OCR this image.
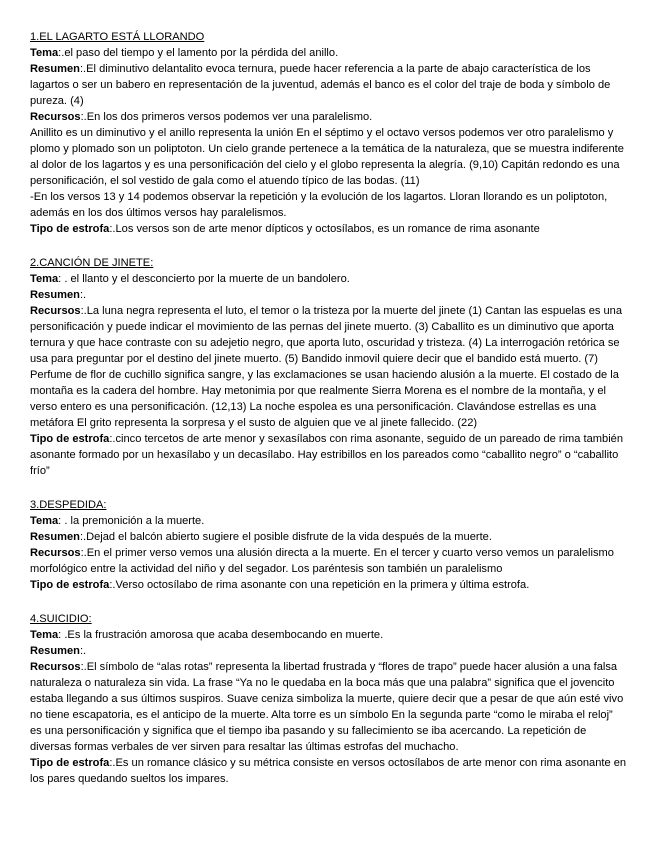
1.EL LAGARTO ESTÁ LLORANDO

Tema:.el paso del tiempo y el lamento por la pérdida del anillo.

Resumen:.El diminutivo delantalito evoca ternura, puede hacer referencia a la parte de abajo característica de los lagartos o ser un babero en representación de la juventud, además el banco es el color del traje de boda y símbolo de pureza. (4)

Recursos:.En los dos primeros versos podemos ver una paralelismo.

Anillito es un diminutivo y el anillo representa la unión En el séptimo y el octavo versos podemos ver otro paralelismo y plomo y plomado son un poliptoton. Un cielo grande pertenece a la temática de la naturaleza, que se muestra indiferente al dolor de los lagartos y es una personificación del cielo y el globo representa la alegría. (9,10) Capitán redondo es una personificación, el sol vestido de gala como el atuendo típico de las bodas. (11)

-En los versos 13 y 14 podemos observar la repetición y la evolución de los lagartos. Lloran llorando es un poliptoton, además en los dos últimos versos hay paralelismos.

Tipo de estrofa:.Los versos son de arte menor dípticos y octosílabos, es un romance de rima asonante

2.CANCIÓN DE JINETE:

Tema: . el llanto y el desconcierto por la muerte de un bandolero.

Resumen:.

Recursos:.La luna negra representa el luto, el temor o la tristeza por la muerte del jinete (1) Cantan las espuelas es una personificación y puede indicar el movimiento de las pernas del jinete muerto. (3) Caballito es un diminutivo que aporta ternura y que hace contraste con su adejetio negro, que aporta luto, oscuridad y tristeza. (4) La interrogación retórica se usa para preguntar por el destino del jinete muerto. (5) Bandido inmovil quiere decir que el bandido está muerto. (7) Perfume de flor de cuchillo significa sangre, y las exclamaciones se usan haciendo alusión a la muerte. El costado de la montaña es la cadera del hombre. Hay metonimia por que realmente Sierra Morena es el nombre de la montaña, y el verso entero es una personificación. (12,13) La noche espolea es una personificación. Clavándose estrellas es una metáfora El grito representa la sorpresa y el susto de alguien que ve al jinete fallecido. (22)

Tipo de estrofa:.cinco tercetos de arte menor y sexasílabos con rima asonante, seguido de un pareado de rima también asonante formado por un hexasílabo y un decasílabo. Hay estribillos en los pareados como “caballito negro” o “caballito frío”

3.DESPEDIDA:

Tema: . la premonición a la muerte.

Resumen:.Dejad el balcón abierto sugiere el posible disfrute de la vida después de la muerte.

Recursos:.En el primer verso vemos una alusión directa a la muerte. En el tercer y cuarto verso vemos un paralelismo morfológico entre la actividad del niño y del segador. Los paréntesis son también un paralelismo

Tipo de estrofa:.Verso octosílabo de rima asonante con una repetición en la primera y última estrofa.

4.SUICIDIO:

Tema: .Es la frustración amorosa que acaba desembocando en muerte.

Resumen:.

Recursos:.El símbolo de “alas rotas” representa la libertad frustrada y “flores de trapo” puede hacer alusión a una falsa naturaleza o naturaleza sin vida. La frase “Ya no le quedaba en la boca más que una palabra” significa que el jovencito estaba llegando a sus últimos suspiros. Suave ceniza simboliza la muerte, quiere decir que a pesar de que aún esté vivo no tiene escapatoria, es el anticipo de la muerte. Alta torre es un símbolo En la segunda parte “como le miraba el reloj” es una personificación y significa que el tiempo iba pasando y su fallecimiento se iba acercando. La repetición de diversas formas verbales de ver sirven para resaltar las últimas estrofas del muchacho.

Tipo de estrofa:.Es un romance clásico y su métrica consiste en versos octosílabos de arte menor con rima asonante en los pares quedando sueltos los impares.
